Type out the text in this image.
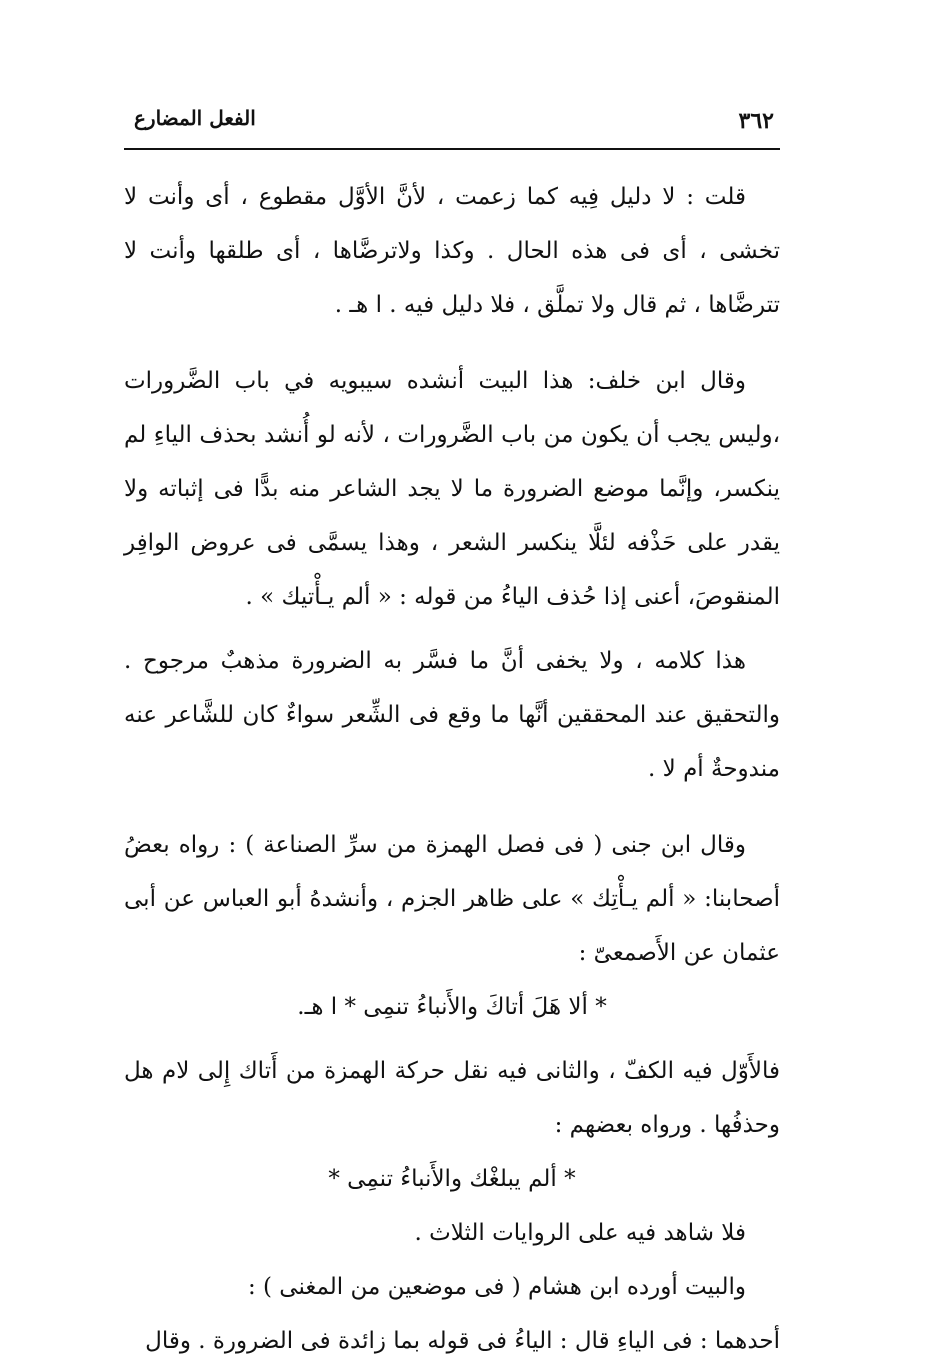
٣٦٢
الفعل المضارع

قلت : لا دليل فِيه كما زعمت ، لأنَّ الأوَّل مقطوع ، أى وأنت لا تخشى ، أى فى هذه الحال . وكذا ولاترضَّاها ، أى طلقها وأنت لا تترضَّاها ، ثم قال ولا تملَّق ، فلا دليل فيه . ا هـ .

وقال ابن خلف: هذا البيت أنشده سيبويه في باب الضَّرورات ،وليس يجب أن يكون من باب الضَّرورات ، لأنه لو أُنشد بحذف الياءِ لم ينكسر، وإنَّما موضع الضرورة ما لا يجد الشاعر منه بدًّا فى إثباته ولا يقدر على حَذْفه لئلَّا ينكسر الشعر ، وهذا يسمَّى فى عروض الوافِر المنقوصَ، أعنى إذا حُذف الياءُ من قوله : « ألم يـأْتيك » .

هذا كلامه ، ولا يخفى أنَّ ما فسَّر به الضرورة مذهبٌ مرجوح . والتحقيق عند المحققين أنَّها ما وقع فى الشِّعر سواءٌ كان للشَّاعر عنه مندوحةٌ أم لا .

وقال ابن جنى ( فى فصل الهمزة من سرِّ الصناعة ) : رواه بعضُ أصحابنا: « ألم يـأْتِك » على ظاهر الجزم ، وأنشدهُ أبو العباس عن أبى عثمان عن الأَصمعىّ :

* ألا هَلَ أتاكَ والأَنباءُ تنمِى * ا هـ.

فالأَوّل فيه الكفّ ، والثانى فيه نقل حركة الهمزة من أَتاك إِلى لام هل وحذفُها . ورواه بعضهم :

* ألم يبلغْك والأَنباءُ تنمِى *

فلا شاهد فيه على الروايات الثلاث .

والبيت أورده ابن هشام ( فى موضعين من المغنى ) :

أحدهما : فى الياءِ قال : الياءُ فى قوله بما زائدة فى الضرورة . وقال
